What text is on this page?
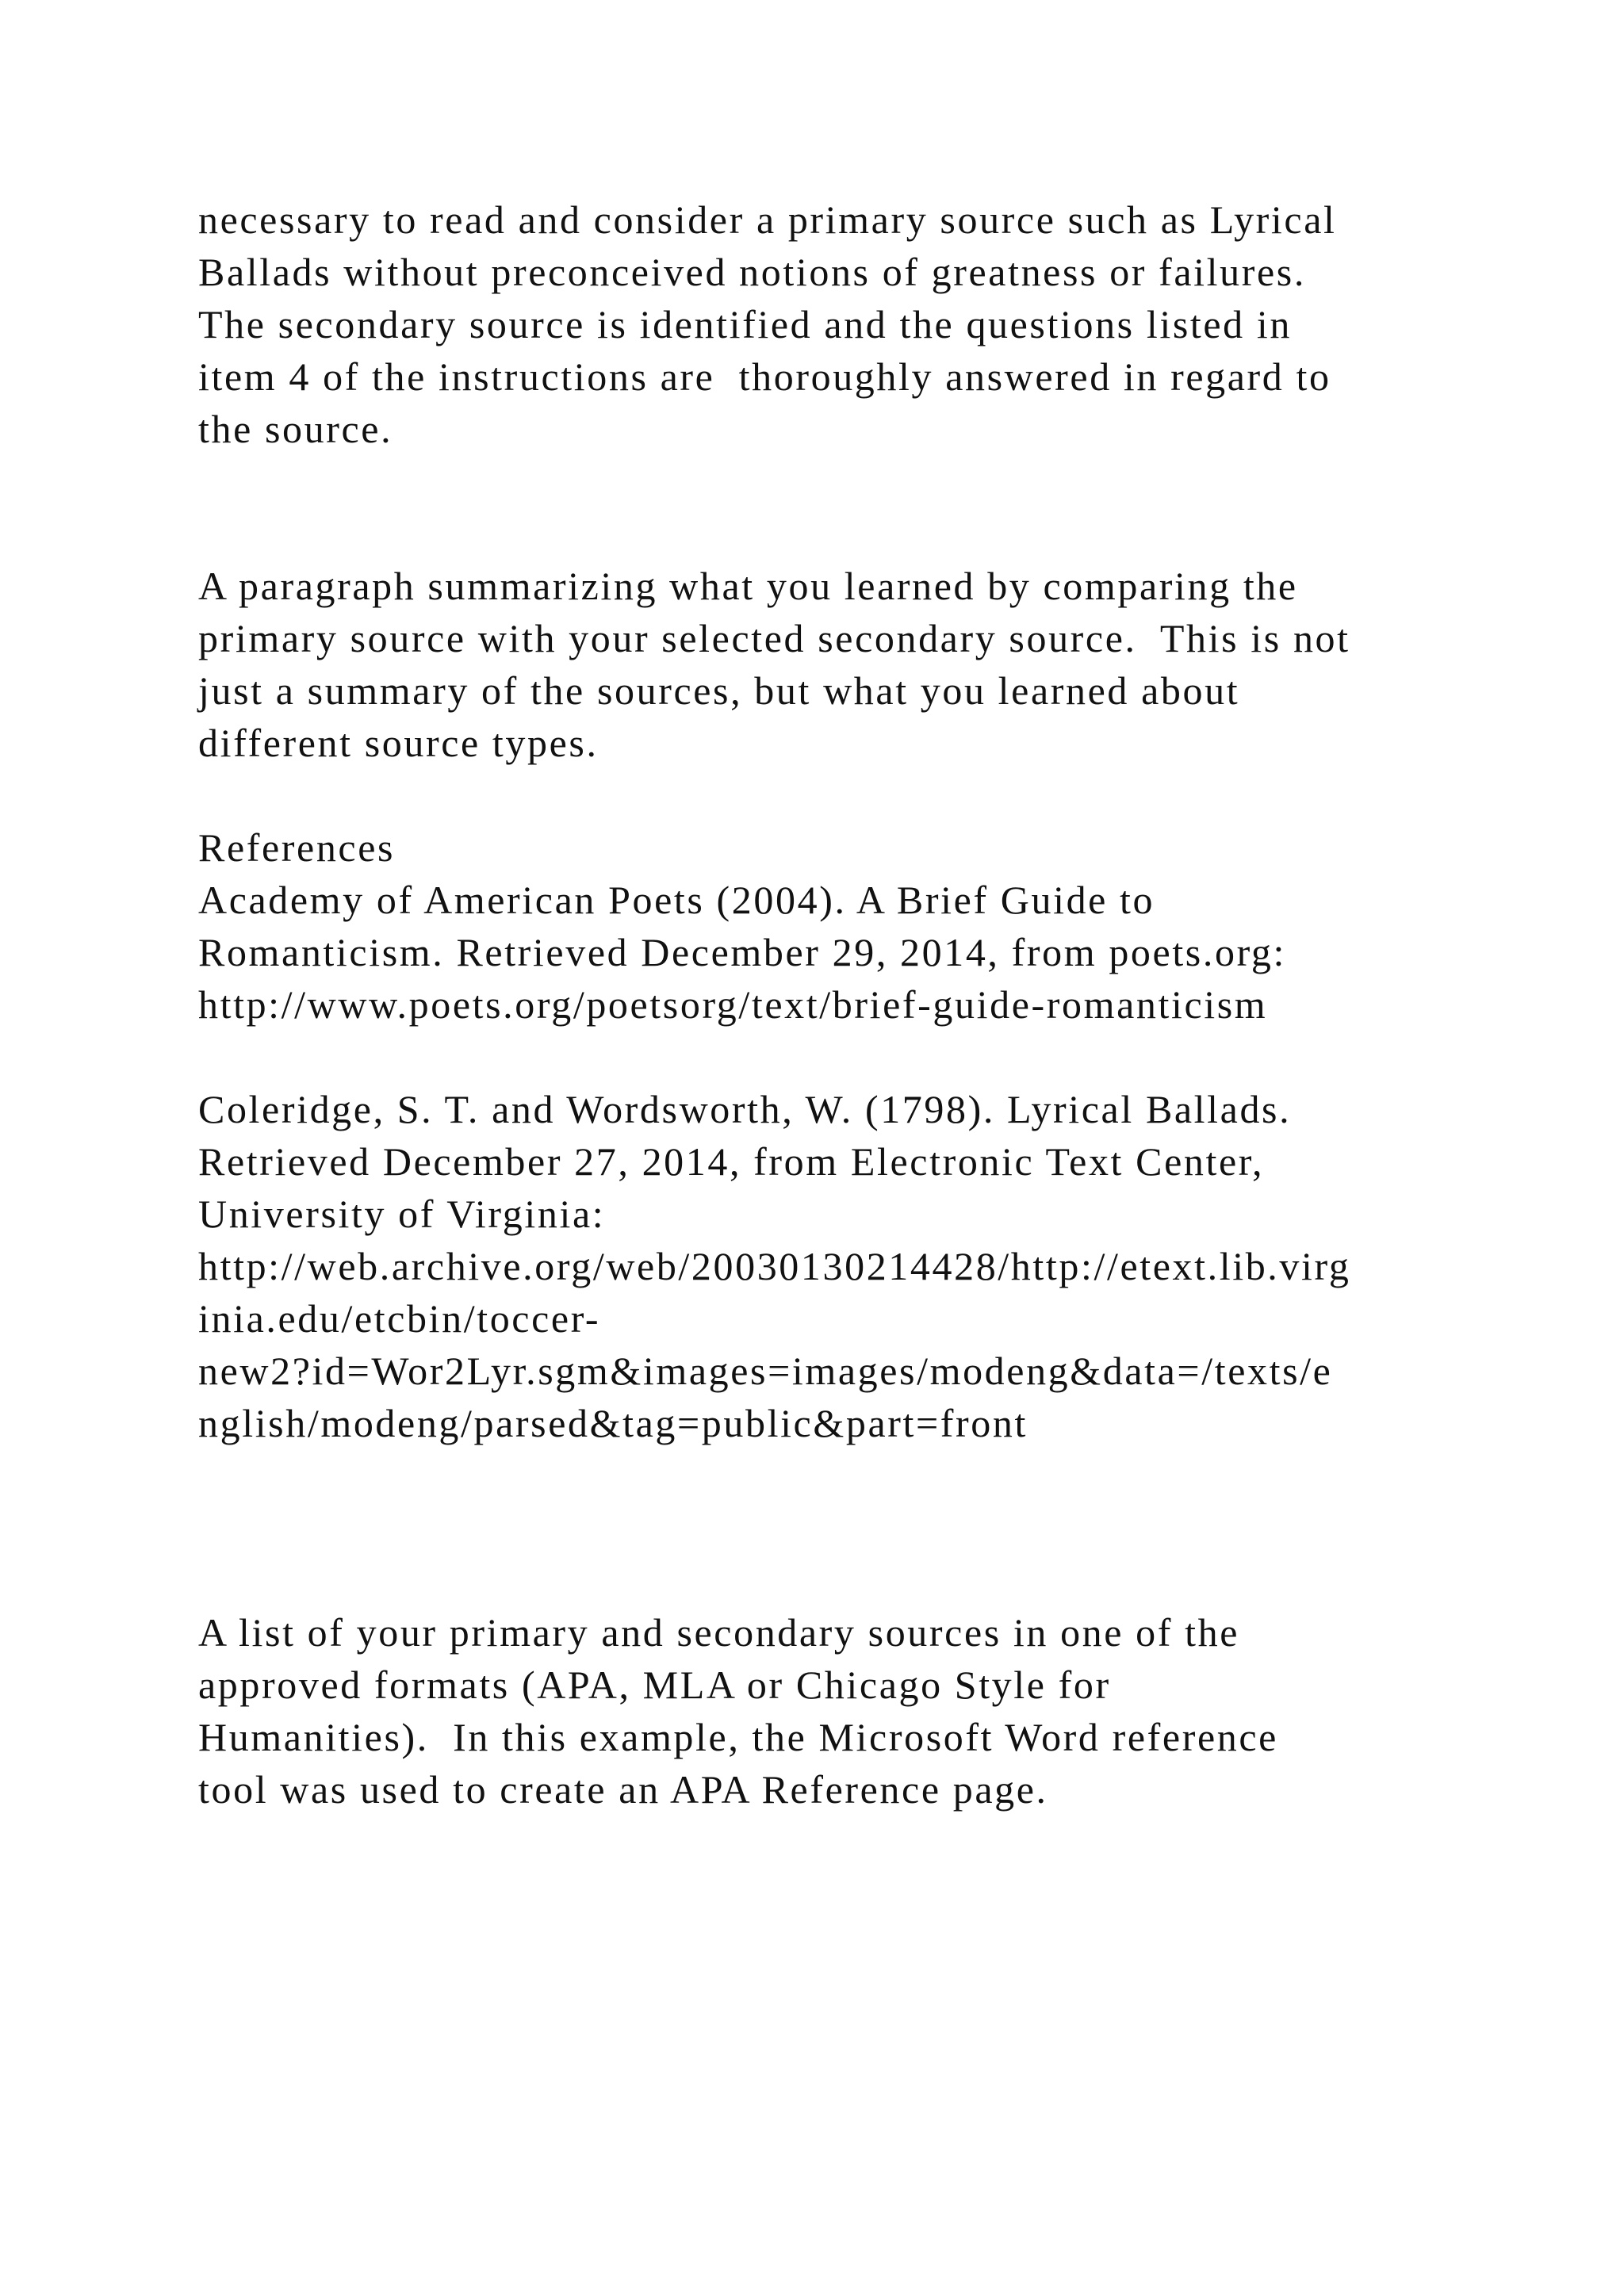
necessary to read and consider a primary source such as Lyrical

Ballads without preconceived notions of greatness or failures.

The secondary source is identified and the questions listed in

item 4 of the instructions are  thoroughly answered in regard to

the source.

A paragraph summarizing what you learned by comparing the

primary source with your selected secondary source.  This is not

just a summary of the sources, but what you learned about

different source types.

References

Academy of American Poets (2004). A Brief Guide to

Romanticism. Retrieved December 29, 2014, from poets.org:

http://www.poets.org/poetsorg/text/brief-guide-romanticism

Coleridge, S. T. and Wordsworth, W. (1798). Lyrical Ballads.

Retrieved December 27, 2014, from Electronic Text Center,

University of Virginia:

http://web.archive.org/web/20030130214428/http://etext.lib.virg

inia.edu/etcbin/toccer-

new2?id=Wor2Lyr.sgm&images=images/modeng&data=/texts/e

nglish/modeng/parsed&tag=public&part=front

A list of your primary and secondary sources in one of the

approved formats (APA, MLA or Chicago Style for

Humanities).  In this example, the Microsoft Word reference

tool was used to create an APA Reference page.
